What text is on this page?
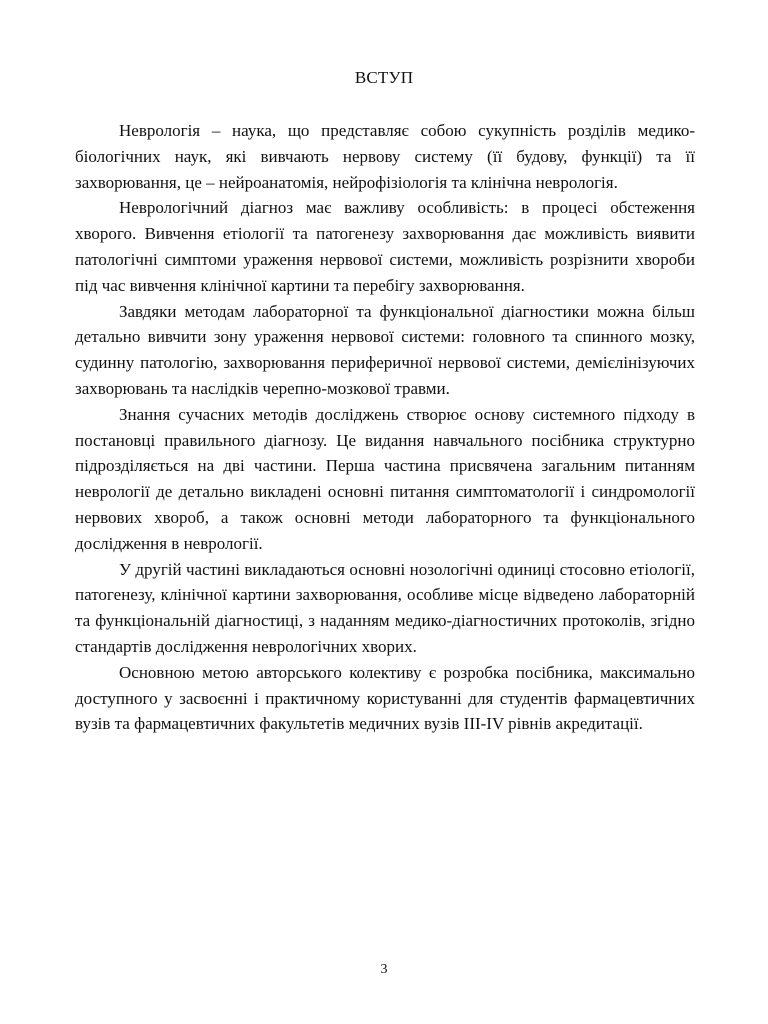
ВСТУП

Неврологія – наука, що представляє собою сукупність розділів медико-біологічних наук, які вивчають нервову систему (її будову, функції) та її захворювання, це – нейроанатомія, нейрофізіологія та клінічна неврологія.

Неврологічний діагноз має важливу особливість: в процесі обстеження хворого. Вивчення етіології та патогенезу захворювання дає можливість виявити патологічні симптоми ураження нервової системи, можливість розрізнити хвороби під час вивчення клінічної картини та перебігу захворювання.

Завдяки методам лабораторної та функціональної діагностики можна більш детально вивчити зону ураження нервової системи: головного та спинного мозку, судинну патологію, захворювання периферичної нервової системи, демієлінізуючих захворювань та наслідків черепно-мозкової травми.

Знання сучасних методів досліджень створює основу системного підходу в постановці правильного діагнозу. Це видання навчального посібника структурно підрозділяється на дві частини. Перша частина присвячена загальним питанням неврології де детально викладені основні питання симптоматології і синдромології нервових хвороб, а також основні методи лабораторного та функціонального дослідження в неврології.

У другій частині викладаються основні нозологічні одиниці стосовно етіології, патогенезу, клінічної картини захворювання, особливе місце відведено лабораторній та функціональній діагностиці, з наданням медико-діагностичних протоколів, згідно стандартів дослідження неврологічних хворих.

Основною метою авторського колективу є розробка посібника, максимально доступного у засвоєнні і практичному користуванні для студентів фармацевтичних вузів та фармацевтичних факультетів медичних вузів ІІІ-IV рівнів акредитації.

3
